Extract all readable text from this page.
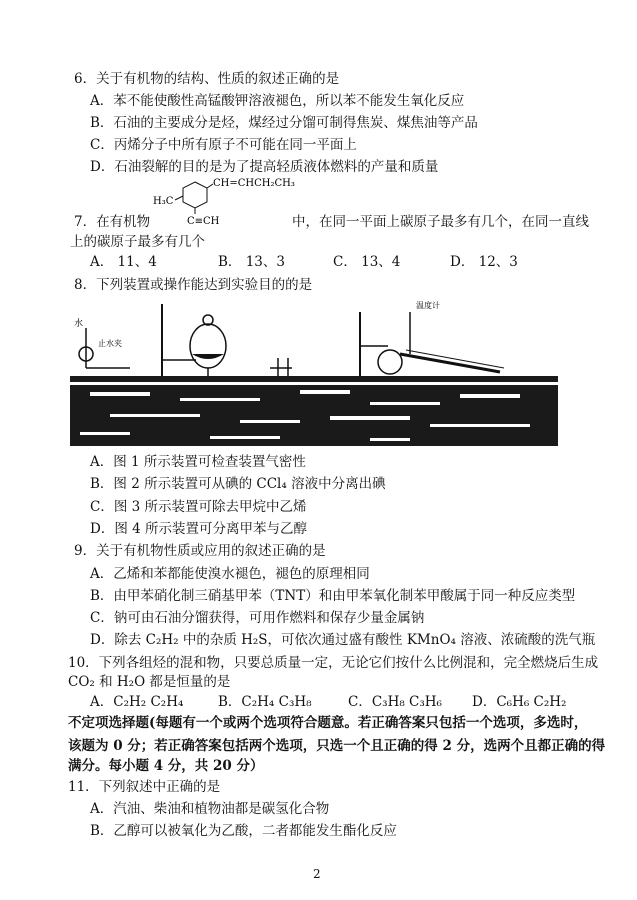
6．关于有机物的结构、性质的叙述正确的是
A．苯不能使酸性高锰酸钾溶液褪色，所以苯不能发生氧化反应
B．石油的主要成分是烃，煤经过分馏可制得焦炭、煤焦油等产品
C．丙烯分子中所有原子不可能在同一平面上
D．石油裂解的目的是为了提高轻质液体燃料的产量和质量
CH=CHCH₂CH₃
H₃C
C≡CH
7．在有机物	中，在同一平面上碳原子最多有几个，在同一直线
上的碳原子最多有几个
A． 11、4	B． 13、3	C． 13、4	D． 12、3
8．下列装置或操作能达到实验目的的是
水
止水夹
温度计
A．图 1 所示装置可检查装置气密性
B．图 2 所示装置可从碘的 CCl₄ 溶液中分离出碘
C．图 3 所示装置可除去甲烷中乙烯
D．图 4 所示装置可分离甲苯与乙醇
9．关于有机物性质或应用的叙述正确的是
A．乙烯和苯都能使溴水褪色，褪色的原理相同
B．由甲苯硝化制三硝基甲苯（TNT）和由甲苯氧化制苯甲酸属于同一种反应类型
C．钠可由石油分馏获得，可用作燃料和保存少量金属钠
D．除去 C₂H₂ 中的杂质 H₂S，可依次通过盛有酸性 KMnO₄ 溶液、浓硫酸的洗气瓶
10．下列各组烃的混和物，只要总质量一定，无论它们按什么比例混和，完全燃烧后生成
CO₂ 和 H₂O 都是恒量的是
A．C₂H₂ C₂H₄	B．C₂H₄ C₃H₈	C．C₃H₈ C₃H₆ D．C₆H₆ C₂H₂
不定项选择题(每题有一个或两个选项符合题意。若正确答案只包括一个选项，多选时，
该题为 0 分；若正确答案包括两个选项，只选一个且正确的得 2 分，选两个且都正确的得
满分。每小题 4 分，共 20 分）
11．下列叙述中正确的是
A．汽油、柴油和植物油都是碳氢化合物
B．乙醇可以被氧化为乙酸，二者都能发生酯化反应
2
